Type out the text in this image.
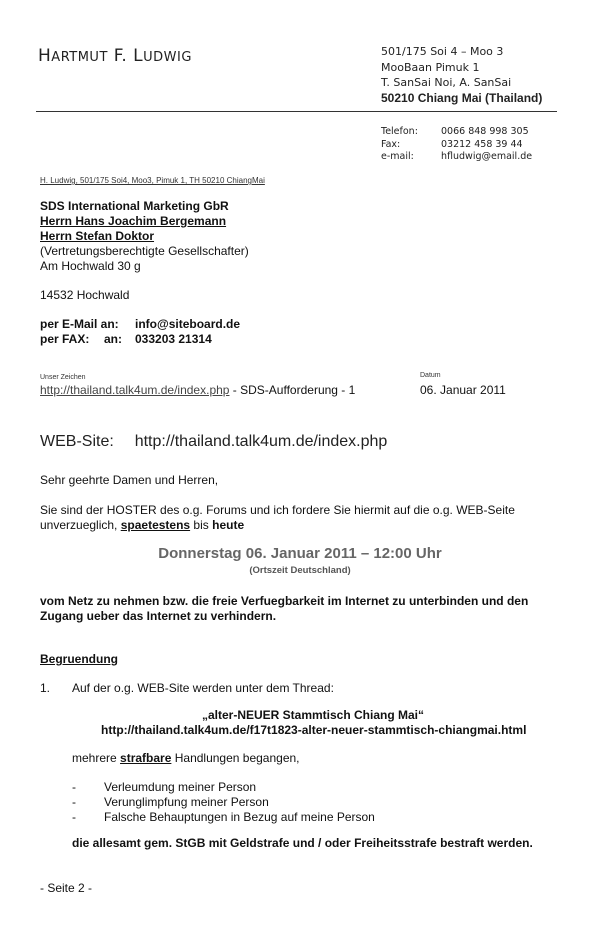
HARTMUT F. LUDWIG	501/175 Soi 4 – Moo 3
MooBaan Pimuk 1
T. SanSai Noi, A. SanSai
50210 Chiang Mai (Thailand)
Telefon:
Fax:
e-mail:
0066 848 998 305
03212 458 39 44
hfludwig@email.de
H. Ludwig, 501/175 Soi4, Moo3, Pimuk 1, TH 50210 ChiangMai
SDS International Marketing GbR
Herrn Hans Joachim Bergemann
Herrn Stefan Doktor
(Vertretungsberechtigte Gesellschafter)
Am Hochwald 30 g
14532 Hochwald
per E-Mail an: info@siteboard.de
per FAX: an: 033203 21314
Unser Zeichen
http://thailand.talk4um.de/index.php - SDS-Aufforderung - 1
Datum
06. Januar 2011
WEB-Site: http://thailand.talk4um.de/index.php
Sehr geehrte Damen und Herren,
Sie sind der HOSTER des o.g. Forums und ich fordere Sie hiermit auf die o.g. WEB-Seite
unverzueglich, spaetestens bis heute
Donnerstag 06. Januar 2011 – 12:00 Uhr
(Ortszeit Deutschland)
vom Netz zu nehmen bzw. die freie Verfuegbarkeit im Internet zu unterbinden und den
Zugang ueber das Internet zu verhindern.
Begruendung
1. Auf der o.g. WEB-Site werden unter dem Thread:
„alter-NEUER Stammtisch Chiang Mai“
http://thailand.talk4um.de/f17t1823-alter-neuer-stammtisch-chiangmai.html
mehrere strafbare Handlungen begangen,
- Verleumdung meiner Person
- Verunglimpfung meiner Person
- Falsche Behauptungen in Bezug auf meine Person
die allesamt gem. StGB mit Geldstrafe und / oder Freiheitsstrafe bestraft werden.
- Seite 2 -
